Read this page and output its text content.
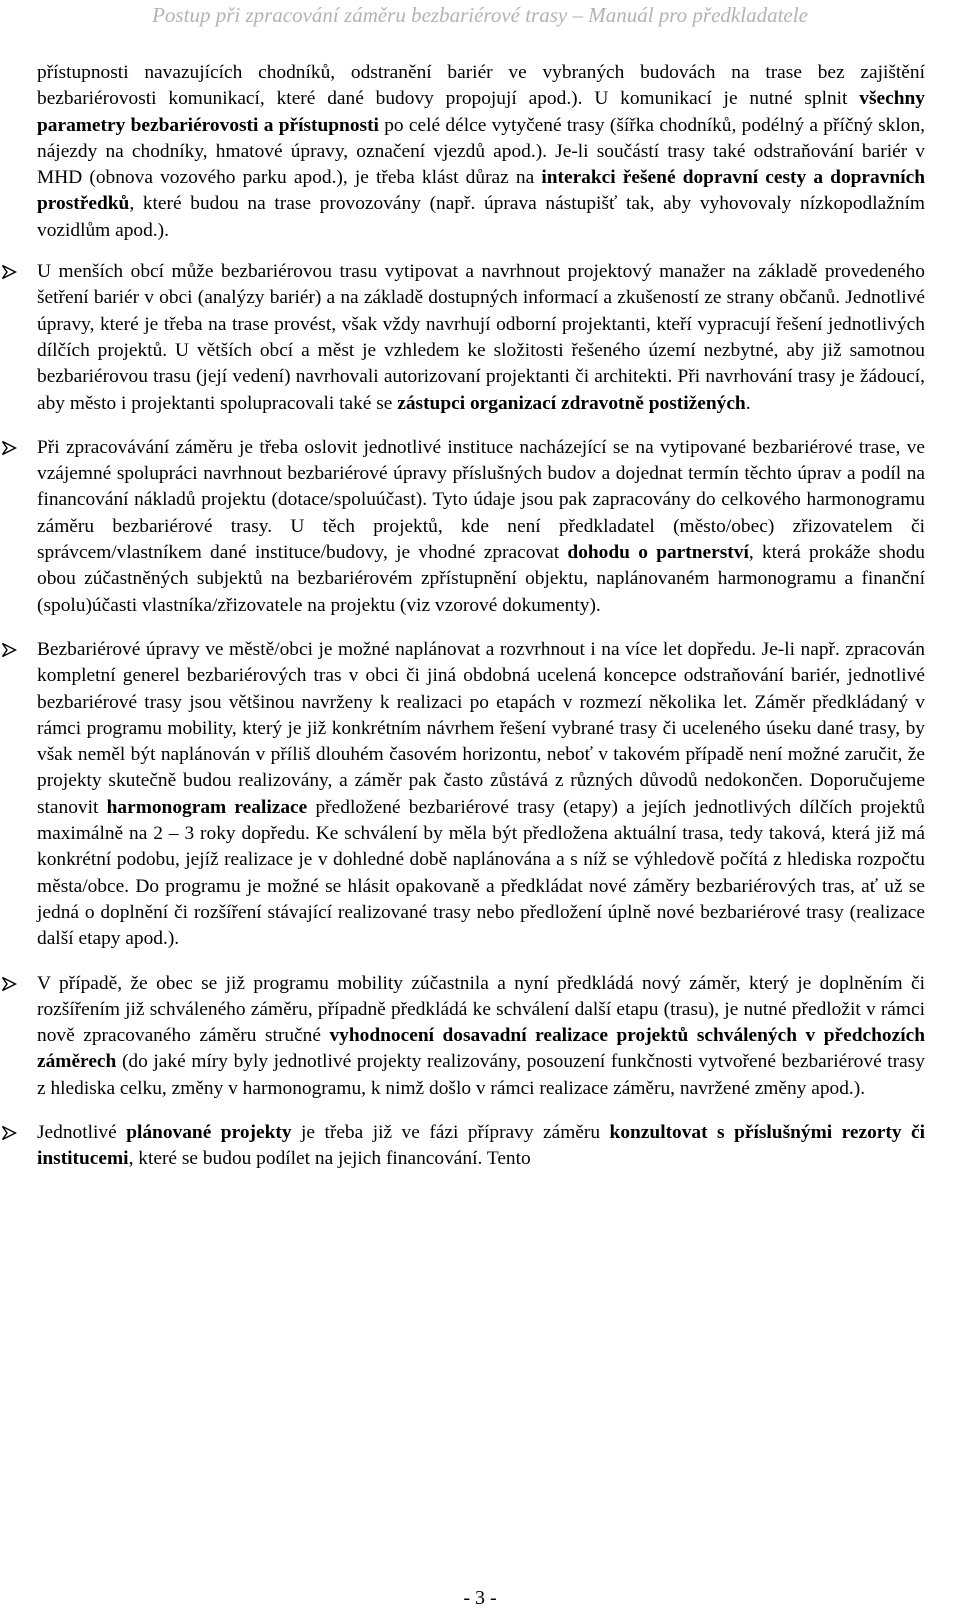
Postup při zpracování záměru bezbariérové trasy – Manuál pro předkladatele

přístupnosti navazujících chodníků, odstranění bariér ve vybraných budovách na trase bez zajištění bezbariérovosti komunikací, které dané budovy propojují apod.). U komunikací je nutné splnit všechny parametry bezbariérovosti a přístupnosti po celé délce vytyčené trasy (šířka chodníků, podélný a příčný sklon, nájezdy na chodníky, hmatové úpravy, označení vjezdů apod.). Je-li součástí trasy také odstraňování bariér v MHD (obnova vozového parku apod.), je třeba klást důraz na interakci řešené dopravní cesty a dopravních prostředků, které budou na trase provozovány (např. úprava nástupišť tak, aby vyhovovaly nízkopodlažním vozidlům apod.).

U menších obcí může bezbariérovou trasu vytipovat a navrhnout projektový manažer na základě provedeného šetření bariér v obci (analýzy bariér) a na základě dostupných informací a zkušeností ze strany občanů. Jednotlivé úpravy, které je třeba na trase provést, však vždy navrhují odborní projektanti, kteří vypracují řešení jednotlivých dílčích projektů. U větších obcí a měst je vzhledem ke složitosti řešeného území nezbytné, aby již samotnou bezbariérovou trasu (její vedení) navrhovali autorizovaní projektanti či architekti. Při navrhování trasy je žádoucí, aby město i projektanti spolupracovali také se zástupci organizací zdravotně postižených.

Při zpracovávání záměru je třeba oslovit jednotlivé instituce nacházející se na vytipované bezbariérové trase, ve vzájemné spolupráci navrhnout bezbariérové úpravy příslušných budov a dojednat termín těchto úprav a podíl na financování nákladů projektu (dotace/spoluúčast). Tyto údaje jsou pak zapracovány do celkového harmonogramu záměru bezbariérové trasy. U těch projektů, kde není předkladatel (město/obec) zřizovatelem či správcem/vlastníkem dané instituce/budovy, je vhodné zpracovat dohodu o partnerství, která prokáže shodu obou zúčastněných subjektů na bezbariérovém zpřístupnění objektu, naplánovaném harmonogramu a finanční (spolu)účasti vlastníka/zřizovatele na projektu (viz vzorové dokumenty).

Bezbariérové úpravy ve městě/obci je možné naplánovat a rozvrhnout i na více let dopředu. Je-li např. zpracován kompletní generel bezbariérových tras v obci či jiná obdobná ucelená koncepce odstraňování bariér, jednotlivé bezbariérové trasy jsou většinou navrženy k realizaci po etapách v rozmezí několika let. Záměr předkládaný v rámci programu mobility, který je již konkrétním návrhem řešení vybrané trasy či uceleného úseku dané trasy, by však neměl být naplánován v příliš dlouhém časovém horizontu, neboť v takovém případě není možné zaručit, že projekty skutečně budou realizovány, a záměr pak často zůstává z různých důvodů nedokončen. Doporučujeme stanovit harmonogram realizace předložené bezbariérové trasy (etapy) a jejích jednotlivých dílčích projektů maximálně na 2 – 3 roky dopředu. Ke schválení by měla být předložena aktuální trasa, tedy taková, která již má konkrétní podobu, jejíž realizace je v dohledné době naplánována a s níž se výhledově počítá z hlediska rozpočtu města/obce. Do programu je možné se hlásit opakovaně a předkládat nové záměry bezbariérových tras, ať už se jedná o doplnění či rozšíření stávající realizované trasy nebo předložení úplně nové bezbariérové trasy (realizace další etapy apod.).

V případě, že obec se již programu mobility zúčastnila a nyní předkládá nový záměr, který je doplněním či rozšířením již schváleného záměru, případně předkládá ke schválení další etapu (trasu), je nutné předložit v rámci nově zpracovaného záměru stručné vyhodnocení dosavadní realizace projektů schválených v předchozích záměrech (do jaké míry byly jednotlivé projekty realizovány, posouzení funkčnosti vytvořené bezbariérové trasy z hlediska celku, změny v harmonogramu, k nimž došlo v rámci realizace záměru, navržené změny apod.).

Jednotlivé plánované projekty je třeba již ve fázi přípravy záměru konzultovat s příslušnými rezorty či institucemi, které se budou podílet na jejich financování. Tento

- 3 -
